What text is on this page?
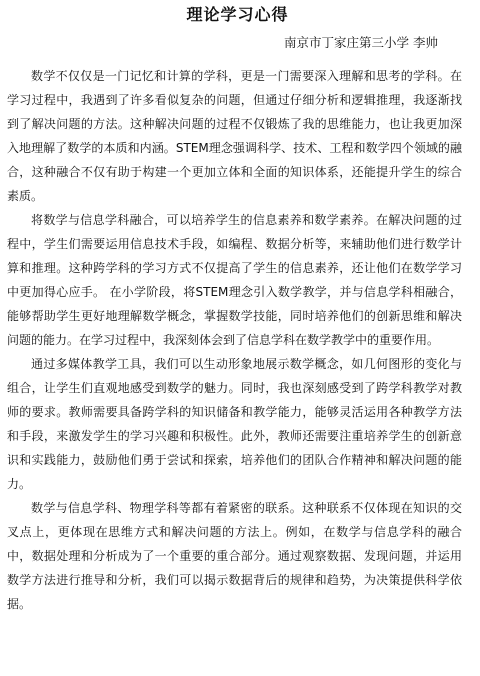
理论学习心得
南京市丁家庄第三小学 李帅

数学不仅仅是一门记忆和计算的学科，更是一门需要深入理解和思考的学科。在学习过程中，我遇到了许多看似复杂的问题，但通过仔细分析和逻辑推理，我逐渐找到了解决问题的方法。这种解决问题的过程不仅锻炼了我的思维能力，也让我更加深入地理解了数学的本质和内涵。STEM理念强调科学、技术、工程和数学四个领域的融合，这种融合不仅有助于构建一个更加立体和全面的知识体系，还能提升学生的综合素质。

将数学与信息学科融合，可以培养学生的信息素养和数学素养。在解决问题的过程中，学生们需要运用信息技术手段，如编程、数据分析等，来辅助他们进行数学计算和推理。这种跨学科的学习方式不仅提高了学生的信息素养，还让他们在数学学习中更加得心应手。 在小学阶段，将STEM理念引入数学教学，并与信息学科相融合，能够帮助学生更好地理解数学概念，掌握数学技能，同时培养他们的创新思维和解决问题的能力。在学习过程中，我深刻体会到了信息学科在数学教学中的重要作用。

通过多媒体教学工具，我们可以生动形象地展示数学概念，如几何图形的变化与组合，让学生们直观地感受到数学的魅力。同时，我也深刻感受到了跨学科教学对教师的要求。教师需要具备跨学科的知识储备和教学能力，能够灵活运用各种教学方法和手段，来激发学生的学习兴趣和积极性。此外，教师还需要注重培养学生的创新意识和实践能力，鼓励他们勇于尝试和探索，培养他们的团队合作精神和解决问题的能力。

数学与信息学科、物理学科等都有着紧密的联系。这种联系不仅体现在知识的交叉点上，更体现在思维方式和解决问题的方法上。例如，在数学与信息学科的融合中，数据处理和分析成为了一个重要的重合部分。通过观察数据、发现问题，并运用数学方法进行推导和分析，我们可以揭示数据背后的规律和趋势，为决策提供科学依据。
